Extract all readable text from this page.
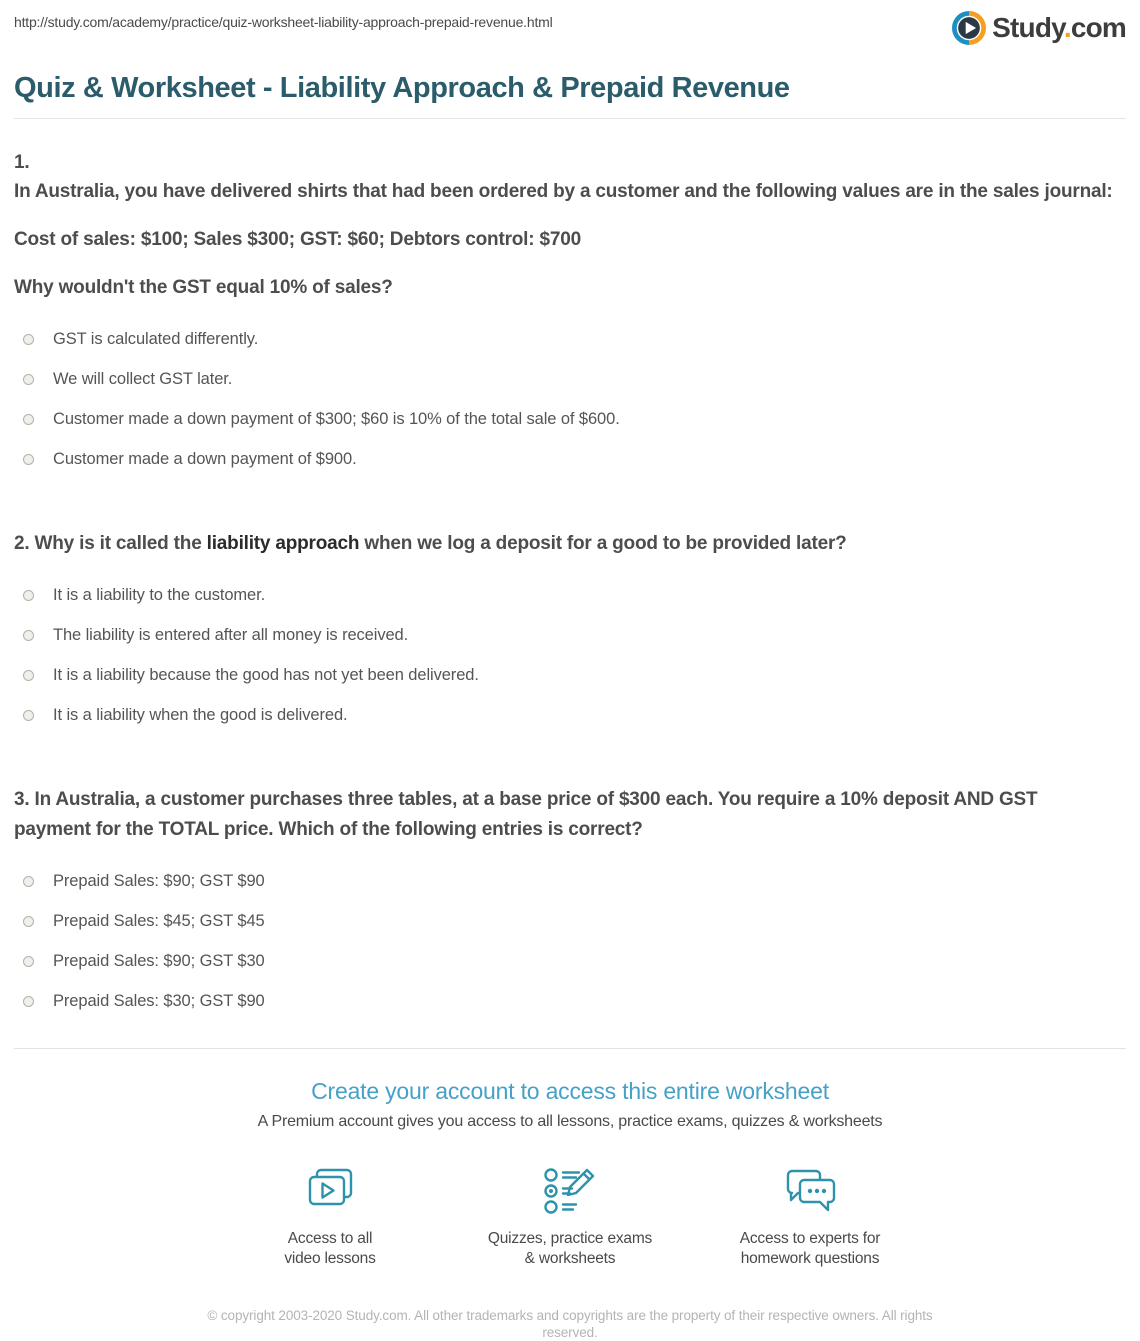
http://study.com/academy/practice/quiz-worksheet-liability-approach-prepaid-revenue.html	Study.com
Quiz & Worksheet - Liability Approach & Prepaid Revenue
1.

In Australia, you have delivered shirts that had been ordered by a customer and the following values are in the sales journal:

Cost of sales: $100; Sales $300; GST: $60; Debtors control: $700

Why wouldn't the GST equal 10% of sales?

GST is calculated differently.
We will collect GST later.
Customer made a down payment of $300; $60 is 10% of the total sale of $600.
Customer made a down payment of $900.

2. Why is it called the liability approach when we log a deposit for a good to be provided later?

It is a liability to the customer.
The liability is entered after all money is received.
It is a liability because the good has not yet been delivered.
It is a liability when the good is delivered.

3. In Australia, a customer purchases three tables, at a base price of $300 each. You require a 10% deposit AND GST payment for the TOTAL price. Which of the following entries is correct?

Prepaid Sales: $90; GST $90
Prepaid Sales: $45; GST $45
Prepaid Sales: $90; GST $30
Prepaid Sales: $30; GST $90
Create your account to access this entire worksheet
A Premium account gives you access to all lessons, practice exams, quizzes & worksheets
Access to all
video lessons
Quizzes, practice exams
& worksheets
Access to experts for
homework questions
© copyright 2003-2020 Study.com. All other trademarks and copyrights are the property of their respective owners. All rights reserved.
